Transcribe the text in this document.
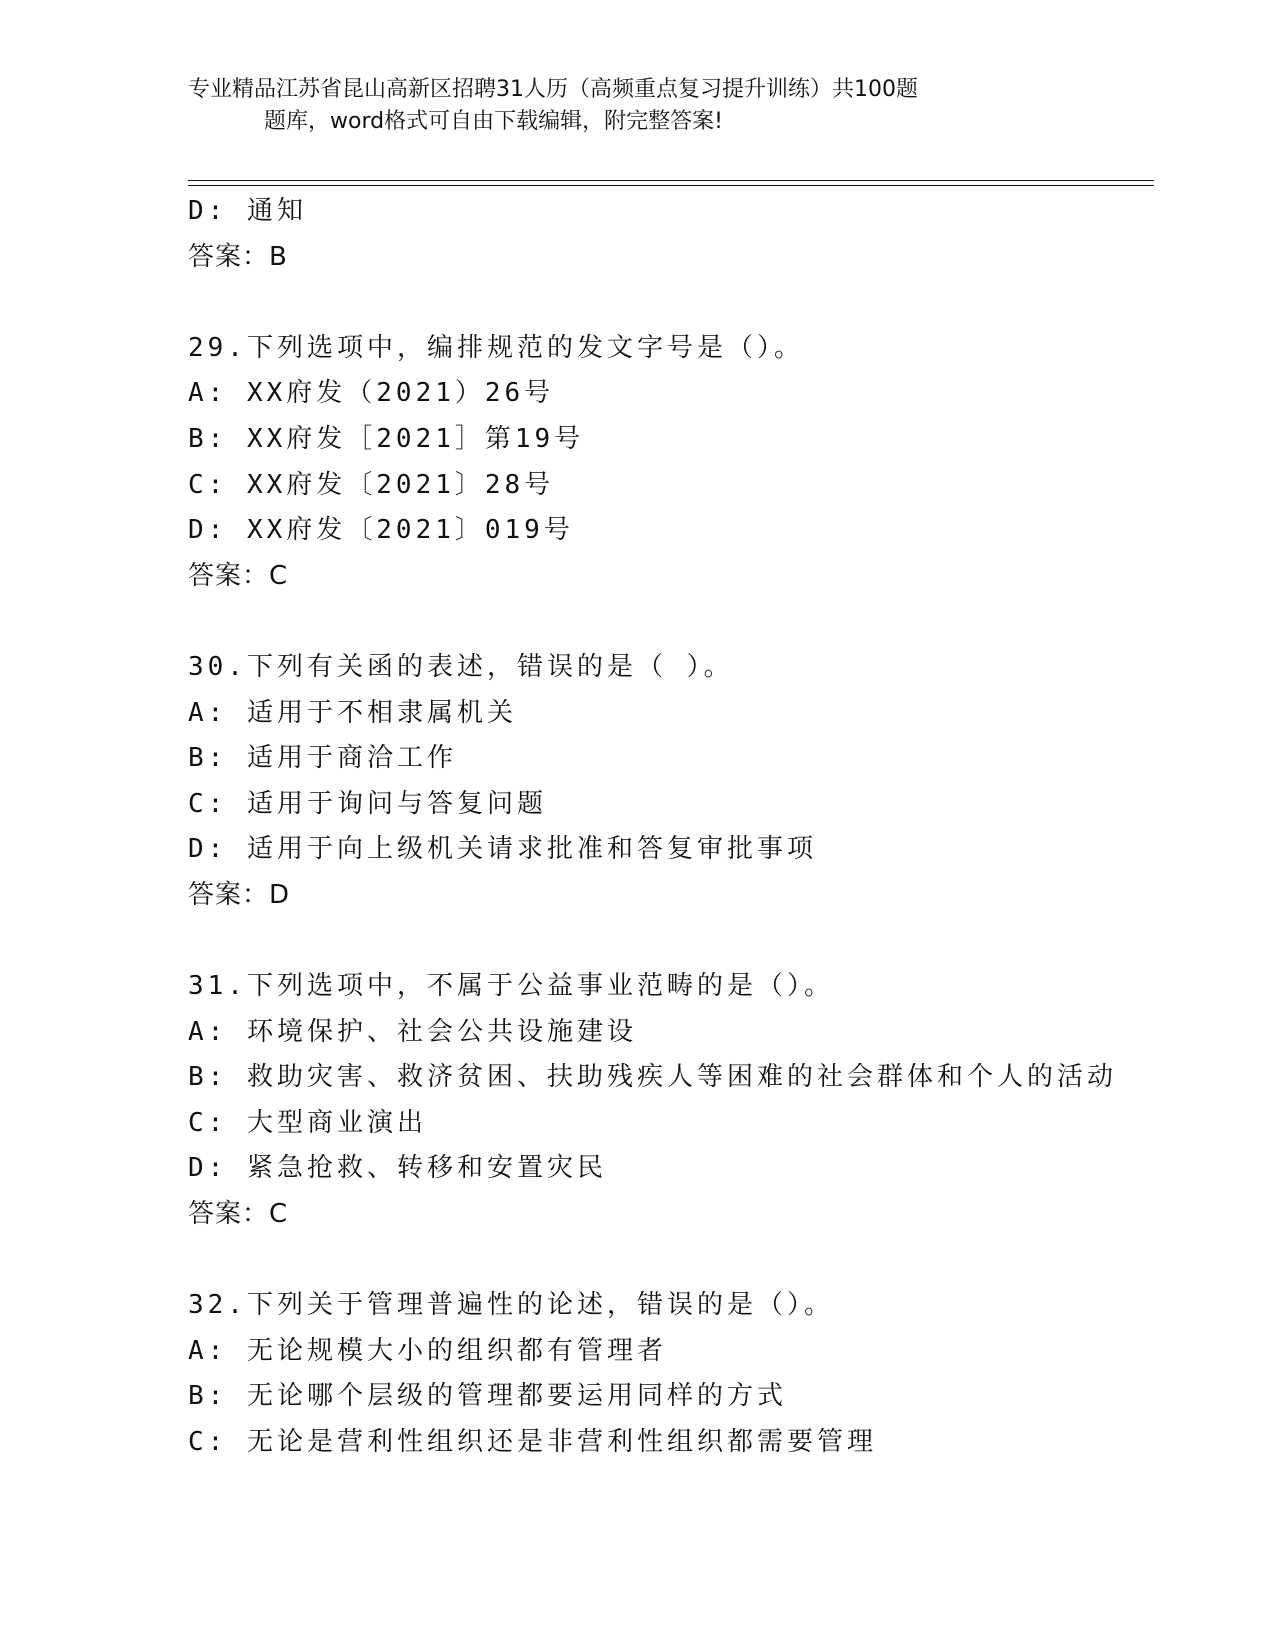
专业精品江苏省昆山高新区招聘31人历（高频重点复习提升训练）共100题
题库，word格式可自由下载编辑，附完整答案!
D: 通知
答案：B
29.下列选项中，编排规范的发文字号是（）。
A: XX府发（2021）26号
B: XX府发［2021］第19号
C: XX府发〔2021〕28号
D: XX府发〔2021〕019号
答案：C
30.下列有关函的表述，错误的是（ ）。
A: 适用于不相隶属机关
B: 适用于商洽工作
C: 适用于询问与答复问题
D: 适用于向上级机关请求批准和答复审批事项
答案：D
31.下列选项中，不属于公益事业范畴的是（）。
A: 环境保护、社会公共设施建设
B: 救助灾害、救济贫困、扶助残疾人等困难的社会群体和个人的活动
C: 大型商业演出
D: 紧急抢救、转移和安置灾民
答案：C
32.下列关于管理普遍性的论述，错误的是（）。
A: 无论规模大小的组织都有管理者
B: 无论哪个层级的管理都要运用同样的方式
C: 无论是营利性组织还是非营利性组织都需要管理
